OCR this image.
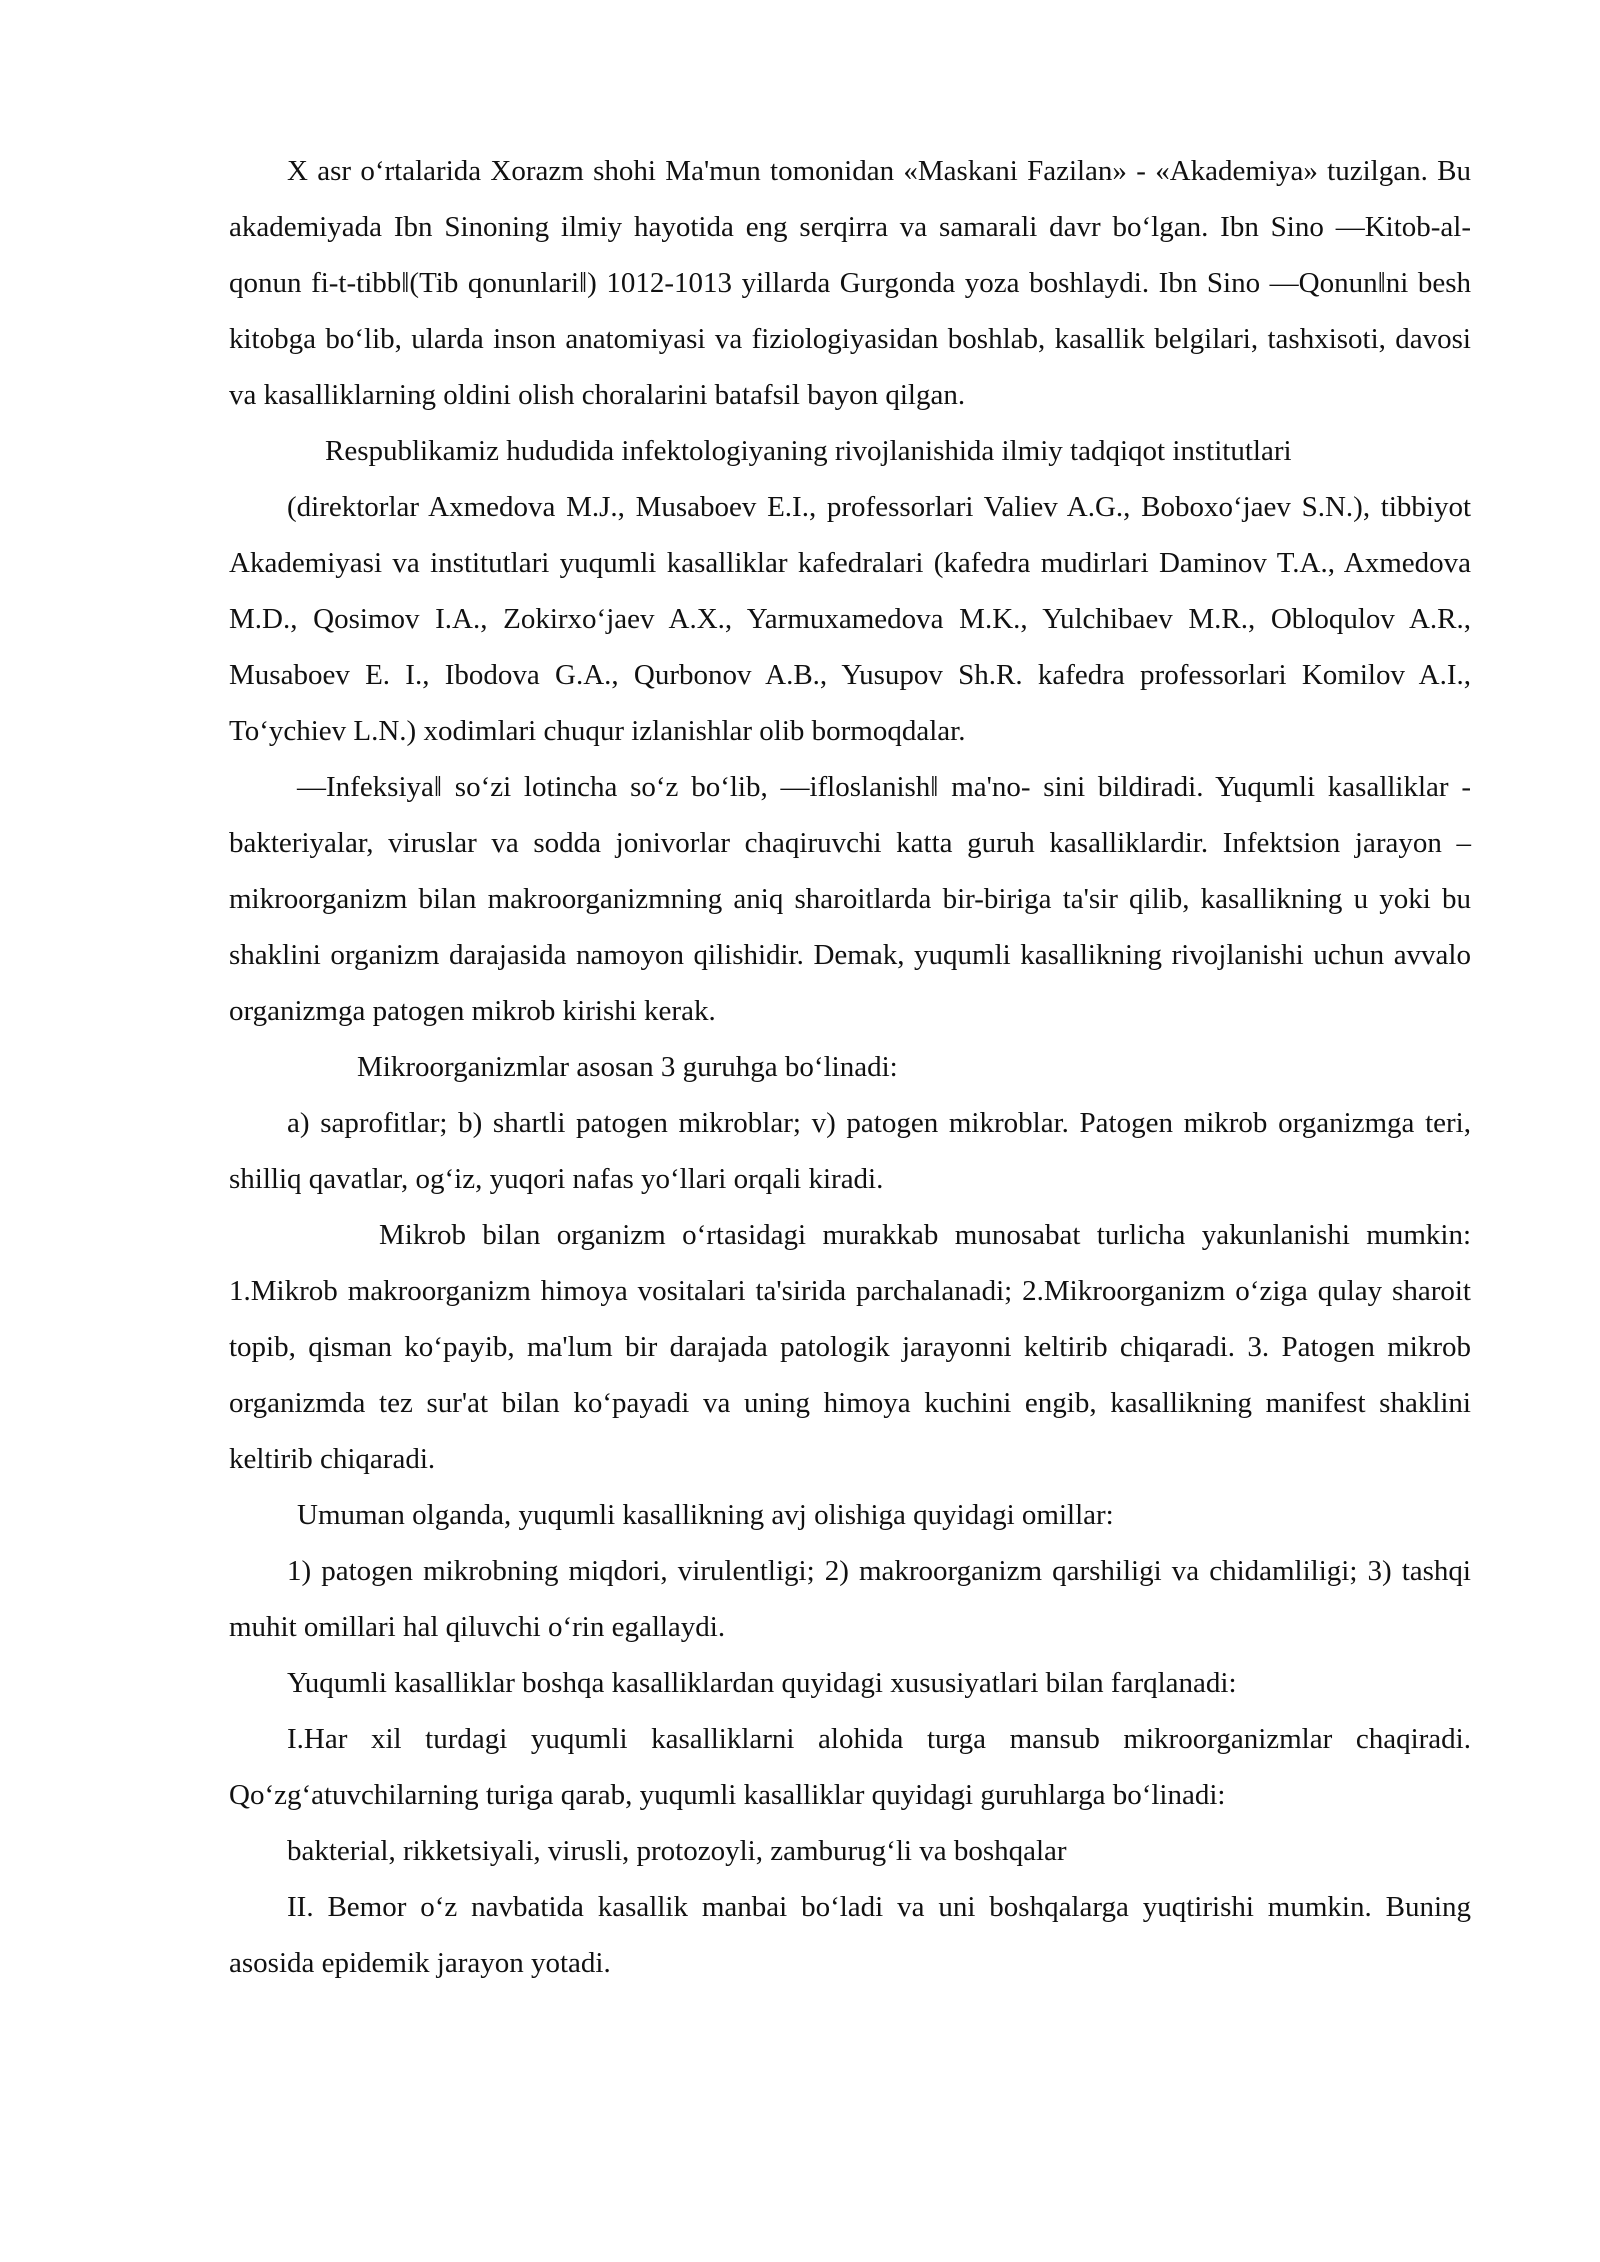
X asr o‘rtalarida Xorazm shohi Ma'mun tomonidan «Maskani Fazilan» - «Akademiya» tuzilgan. Bu akademiyada Ibn Sinoning ilmiy hayotida eng serqirra va samarali davr bo‘lgan. Ibn Sino ―Kitob-al-qonun fi-t-tibb‖(Tib qonunlari‖) 1012-1013 yillarda Gurgonda yoza boshlaydi. Ibn Sino ―Qonun‖ni besh kitobga bo‘lib, ularda inson anatomiyasi va fiziologiyasidan boshlab, kasallik belgilari, tashxisoti, davosi va kasalliklarning oldini olish choralarini batafsil bayon qilgan.

Respublikamiz hududida infektologiyaning rivojlanishida ilmiy tadqiqot institutlari

(direktorlar Axmedova M.J., Musaboev E.I., professorlari Valiev A.G., Boboxo‘jaev S.N.), tibbiyot Akademiyasi va institutlari yuqumli kasalliklar kafedralari (kafedra mudirlari Daminov T.A., Axmedova M.D., Qosimov I.A., Zokirxo‘jaev A.X., Yarmuxamedova M.K., Yulchibaev M.R., Obloqulov A.R., Musaboev E. I., Ibodova G.A., Qurbonov A.B., Yusupov Sh.R. kafedra professorlari Komilov A.I., To‘ychiev L.N.) xodimlari chuqur izlanishlar olib bormoqdalar.

―Infeksiya‖ so‘zi lotincha so‘z bo‘lib, ―ifloslanish‖ ma'no- sini bildiradi. Yuqumli kasalliklar - bakteriyalar, viruslar va sodda jonivorlar chaqiruvchi katta guruh kasalliklardir. Infektsion jarayon – mikroorganizm bilan makroorganizmning aniq sharoitlarda bir-biriga ta'sir qilib, kasallikning u yoki bu shaklini organizm darajasida namoyon qilishidir. Demak, yuqumli kasallikning rivojlanishi uchun avvalo organizmga patogen mikrob kirishi kerak.

Mikroorganizmlar asosan 3 guruhga bo‘linadi:

a) saprofitlar; b) shartli patogen mikroblar; v) patogen mikroblar. Patogen mikrob organizmga teri, shilliq qavatlar, og‘iz, yuqori nafas yo‘llari orqali kiradi.

Mikrob bilan organizm o‘rtasidagi murakkab munosabat turlicha yakunlanishi mumkin: 1.Mikrob makroorganizm himoya vositalari ta'sirida parchalanadi; 2.Mikroorganizm o‘ziga qulay sharoit topib, qisman ko‘payib, ma'lum bir darajada patologik jarayonni keltirib chiqaradi. 3. Patogen mikrob organizmda tez sur'at bilan ko‘payadi va uning himoya kuchini engib, kasallikning manifest shaklini keltirib chiqaradi.

Umuman olganda, yuqumli kasallikning avj olishiga quyidagi omillar:

1) patogen mikrobning miqdori, virulentligi; 2) makroorganizm qarshiligi va chidamliligi; 3) tashqi muhit omillari hal qiluvchi o‘rin egallaydi.

Yuqumli kasalliklar boshqa kasalliklardan quyidagi xususiyatlari bilan farqlanadi:

I.Har xil turdagi yuqumli kasalliklarni alohida turga mansub mikroorganizmlar chaqiradi. Qo‘zg‘atuvchilarning turiga qarab, yuqumli kasalliklar quyidagi guruhlarga bo‘linadi:

bakterial, rikketsiyali, virusli, protozoyli, zamburug‘li va boshqalar

II. Bemor o‘z navbatida kasallik manbai bo‘ladi va uni boshqalarga yuqtirishi mumkin. Buning asosida epidemik jarayon yotadi.
